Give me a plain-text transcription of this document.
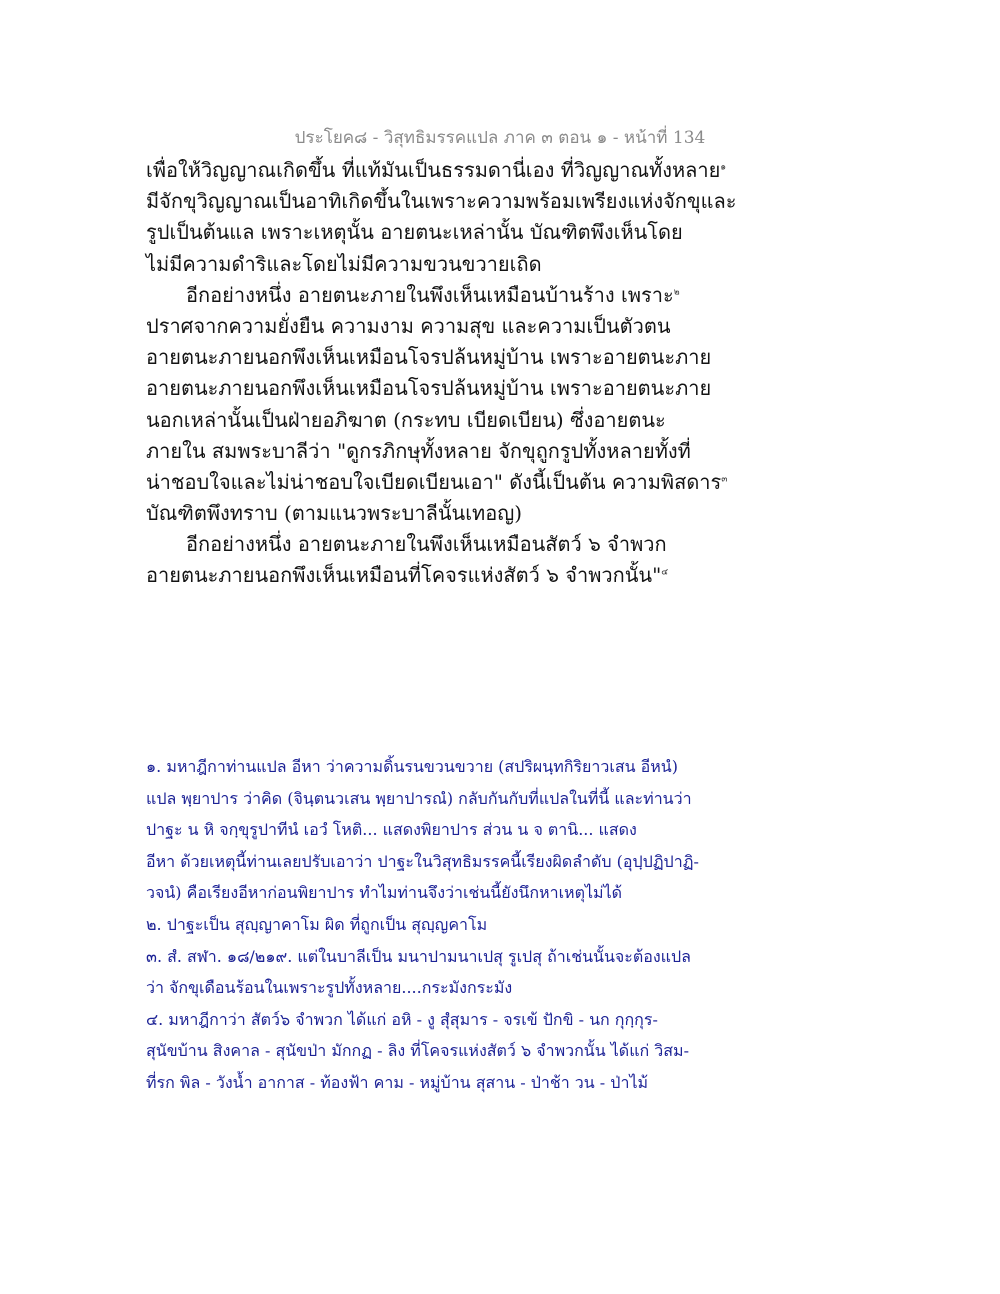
ประโยค๘ - วิสุทธิมรรคแปล ภาค ๓ ตอน ๑ - หน้าที่ 134
เพื่อให้วิญญาณเกิดขึ้น ที่แท้มันเป็นธรรมดานี่เอง ที่วิญญาณทั้งหลาย$^๑$
มีจักขุวิญญาณเป็นอาทิเกิดขึ้นในเพราะความพร้อมเพรียงแห่งจักขุและ
รูปเป็นต้นแล เพราะเหตุนั้น อายตนะเหล่านั้น บัณฑิตพึงเห็นโดย
ไม่มีความดำริและโดยไม่มีความขวนขวายเถิด
อีกอย่างหนึ่ง อายตนะภายในพึงเห็นเหมือนบ้านร้าง เพราะ$^๒$
ปราศจากความยั่งยืน ความงาม ความสุข และความเป็นตัวตน
อายตนะภายนอกพึงเห็นเหมือนโจรปล้นหมู่บ้าน เพราะอายตนะภาย
อายตนะภายนอกพึงเห็นเหมือนโจรปล้นหมู่บ้าน เพราะอายตนะภาย
นอกเหล่านั้นเป็นฝ่ายอภิฆาต (กระทบ เบียดเบียน) ซึ่งอายตนะ
ภายใน สมพระบาลีว่า "ดูกรภิกษุทั้งหลาย จักขุถูกรูปทั้งหลายทั้งที่
น่าชอบใจและไม่น่าชอบใจเบียดเบียนเอา" ดังนี้เป็นต้น ความพิสดาร$^๓$
บัณฑิตพึงทราบ (ตามแนวพระบาลีนั้นเทอญ)
อีกอย่างหนึ่ง อายตนะภายในพึงเห็นเหมือนสัตว์ ๖ จำพวก
อายตนะภายนอกพึงเห็นเหมือนที่โคจรแห่งสัตว์ ๖ จำพวกนั้น"$^๔$
๑. มหาฎีกาท่านแปล อีหา ว่าความดิ้นรนขวนขวาย (สปริผนฺทกิริยาวเสน อีหนํ)
แปล พฺยาปาร ว่าคิด (จินฺตนวเสน พฺยาปารณํ) กลับกันกับที่แปลในที่นี้ และท่านว่า
ปาฐะ น หิ จกฺขุรูปาทีนํ เอวํ โหติ... แสดงพิยาปาร ส่วน น จ ตานิ... แสดง
อีหา ด้วยเหตุนี้ท่านเลยปรับเอาว่า ปาฐะในวิสุทธิมรรคนี้เรียงผิดลำดับ (อุปฺปฏิปาฏิ-
วจนํ) คือเรียงอีหาก่อนพิยาปาร ทำไมท่านจึงว่าเช่นนี้ยังนึกหาเหตุไม่ได้
๒. ปาฐะเป็น สุญฺญาคาโม ผิด ที่ถูกเป็น สุญฺญคาโม
๓. สํ. สฬา. ๑๘/๒๑๙. แต่ในบาลีเป็น มนาปามนาเปสุ รูเปสุ ถ้าเช่นนั้นจะต้องแปล
ว่า จักขุเดือนร้อนในเพราะรูปทั้งหลาย....กระมังกระมัง
๔. มหาฎีกาว่า สัตว์๖ จำพวก ได้แก่ อหิ - งู สุํสุมาร - จรเข้ ปักขิ - นก กุกฺกุร-
สุนัขบ้าน สิงคาล - สุนัขป่า มักกฏ - ลิง ที่โคจรแห่งสัตว์ ๖ จำพวกนั้น ได้แก่ วิสม-
ที่รก พิล - วังน้ำ อากาส - ท้องฟ้า คาม - หมู่บ้าน สุสาน - ป่าช้า วน - ป่าไม้
